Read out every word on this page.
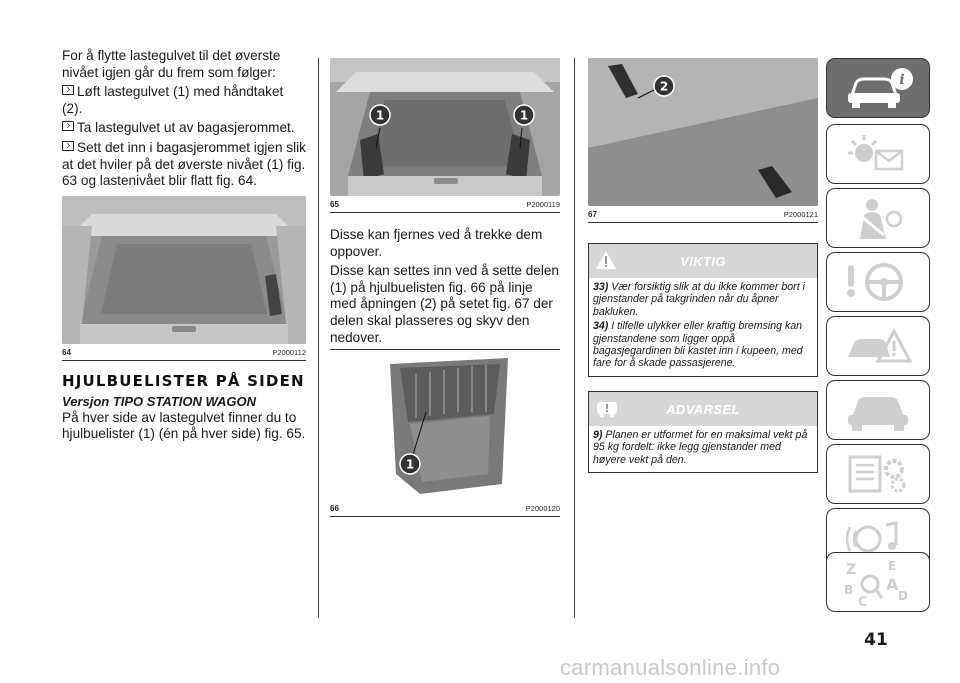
For å flytte lastegulvet til det øverste nivået igjen går du frem som følger:

Løft lastegulvet (1) med håndtaket (2).

Ta lastegulvet ut av bagasjerommet.

Sett det inn i bagasjerommet igjen slik at det hviler på det øverste nivået (1) fig. 63 og lastenivået blir flatt fig. 64.

64	P2000112
HJULBUELISTER PÅ SIDEN
Versjon TIPO STATION WAGON

På hver side av lastegulvet finner du to hjulbuelister (1) (én på hver side) fig. 65.

1	1
65	P2000119

Disse kan fjernes ved å trekke dem oppover.

Disse kan settes inn ved å sette delen (1) på hjulbuelisten fig. 66 på linje med åpningen (2) på setet fig. 67 der delen skal plasseres og skyv den nedover.

1
66	P2000120
2
67	P2000121
VIKTIG

33) Vær forsiktig slik at du ikke kommer bort i gjenstander på takgrinden når du åpner bakluken.

34) I tilfelle ulykker eller kraftig bremsing kan gjenstandene som ligger oppå bagasjegardinen bli kastet inn i kupeen, med fare for å skade passasjerene.

ADVARSEL

9) Planen er utformet for en maksimal vekt på 95 kg fordelt: ikke legg gjenstander med høyere vekt på den.

i
Z	E
A
B
C	D
41
carmanualsonline.info
